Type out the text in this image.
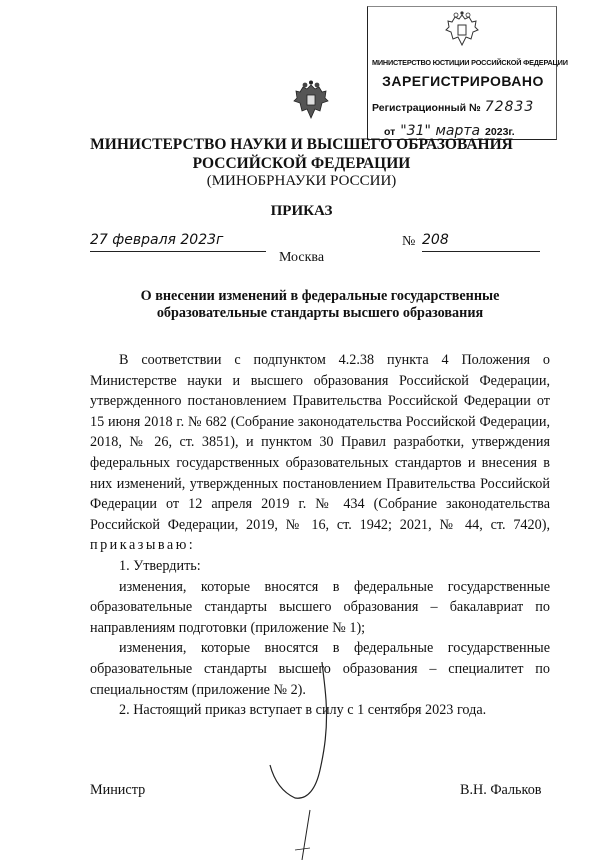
МИНИСТЕРСТВО ЮСТИЦИИ РОССИЙСКОЙ ФЕДЕРАЦИИ
ЗАРЕГИСТРИРОВАНО
Регистрационный № 72833
от "31" марта 2023г.
МИНИСТЕРСТВО НАУКИ И ВЫСШЕГО ОБРАЗОВАНИЯ
РОССИЙСКОЙ ФЕДЕРАЦИИ
(МИНОБРНАУКИ РОССИИ)
ПРИКАЗ
27 февраля 2023г	№ 208
Москва
О внесении изменений в федеральные государственные
образовательные стандарты высшего образования

В соответствии с подпунктом 4.2.38 пункта 4 Положения о Министерстве науки и высшего образования Российской Федерации, утвержденного постановлением Правительства Российской Федерации от 15 июня 2018 г. № 682 (Собрание законодательства Российской Федерации, 2018, № 26, ст. 3851), и пунктом 30 Правил разработки, утверждения федеральных государственных образовательных стандартов и внесения в них изменений, утвержденных постановлением Правительства Российской Федерации от 12 апреля 2019 г. № 434 (Собрание законодательства Российской Федерации, 2019, № 16, ст. 1942; 2021, № 44, ст. 7420), приказываю:

1. Утвердить:

изменения, которые вносятся в федеральные государственные образовательные стандарты высшего образования – бакалавриат по направлениям подготовки (приложение № 1);

изменения, которые вносятся в федеральные государственные образовательные стандарты высшего образования – специалитет по специальностям (приложение № 2).

2. Настоящий приказ вступает в силу с 1 сентября 2023 года.

Министр	В.Н. Фальков
